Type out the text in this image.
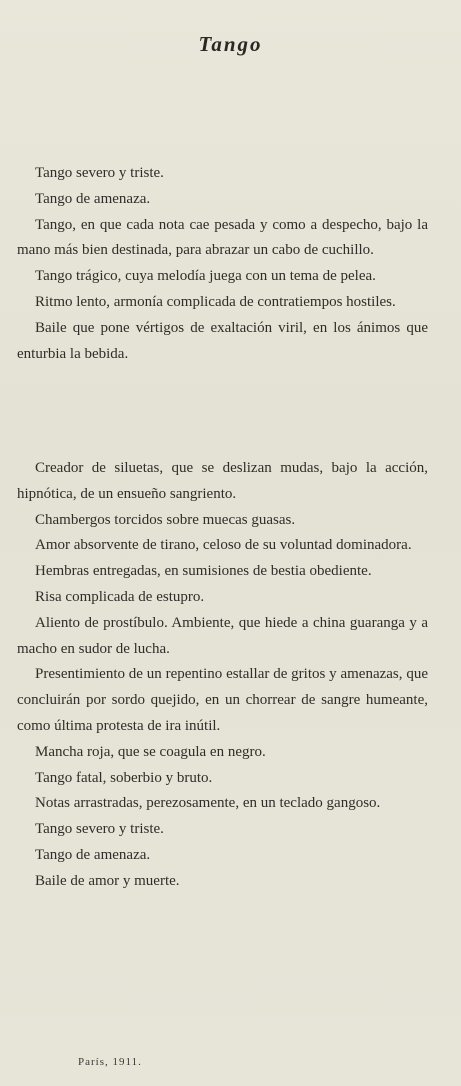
Tango

Tango severo y triste.

Tango de amenaza.

Tango, en que cada nota cae pesada y como a despecho, bajo la mano más bien destinada, para abrazar un cabo de cuchillo.

Tango trágico, cuya melodía juega con un tema de pelea.

Ritmo lento, armonía complicada de contratiempos hostiles.

Baile que pone vértigos de exaltación viril, en los ánimos que enturbia la bebida.

Creador de siluetas, que se deslizan mudas, bajo la acción, hipnótica, de un ensueño sangriento.

Chambergos torcidos sobre muecas guasas.

Amor absorvente de tirano, celoso de su voluntad dominadora.

Hembras entregadas, en sumisiones de bestia obediente.

Risa complicada de estupro.

Aliento de prostíbulo. Ambiente, que hiede a china guaranga y a macho en sudor de lucha.

Presentimiento de un repentino estallar de gritos y amenazas, que concluirán por sordo quejido, en un chorrear de sangre humeante, como última protesta de ira inútil.

Mancha roja, que se coagula en negro.

Tango fatal, soberbio y bruto.

Notas arrastradas, perezosamente, en un teclado gangoso.

Tango severo y triste.

Tango de amenaza.

Baile de amor y muerte.

París, 1911.
